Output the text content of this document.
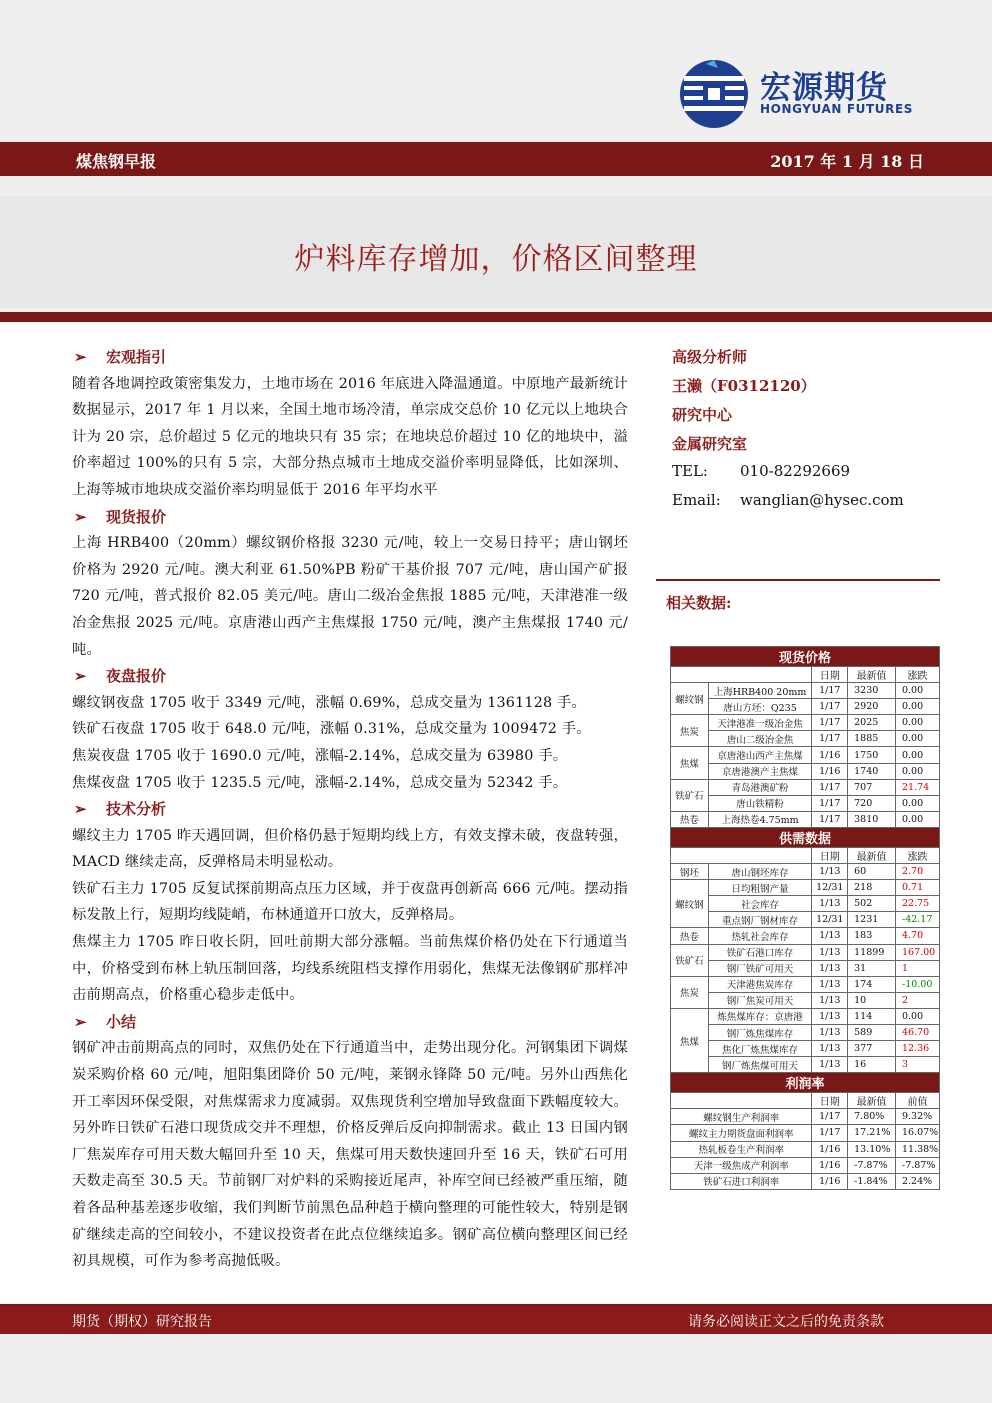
宏源期货
HONGYUAN FUTURES
煤焦钢早报	2017 年 1 月 18 日
炉料库存增加，价格区间整理
➢ 宏观指引
随着各地调控政策密集发力，土地市场在 2016 年底进入降温通道。中原地产最新统计数据显示，2017 年 1 月以来，全国土地市场冷清，单宗成交总价 10 亿元以上地块合计为 20 宗，总价超过 5 亿元的地块只有 35 宗；在地块总价超过 10 亿的地块中，溢价率超过 100%的只有 5 宗，大部分热点城市土地成交溢价率明显降低，比如深圳、上海等城市地块成交溢价率均明显低于 2016 年平均水平
➢ 现货报价
上海 HRB400（20mm）螺纹钢价格报 3230 元/吨，较上一交易日持平；唐山钢坯价格为 2920 元/吨。澳大利亚 61.50%PB 粉矿干基价报 707 元/吨，唐山国产矿报 720 元/吨，普式报价 82.05 美元/吨。唐山二级冶金焦报 1885 元/吨，天津港准一级冶金焦报 2025 元/吨。京唐港山西产主焦煤报 1750 元/吨，澳产主焦煤报 1740 元/吨。
➢ 夜盘报价
螺纹钢夜盘 1705 收于 3349 元/吨，涨幅 0.69%，总成交量为 1361128 手。
铁矿石夜盘 1705 收于 648.0 元/吨，涨幅 0.31%，总成交量为 1009472 手。
焦炭夜盘 1705 收于 1690.0 元/吨，涨幅-2.14%，总成交量为 63980 手。
焦煤夜盘 1705 收于 1235.5 元/吨，涨幅-2.14%，总成交量为 52342 手。
➢ 技术分析
螺纹主力 1705 昨天遇回调，但价格仍悬于短期均线上方，有效支撑未破，夜盘转强，MACD 继续走高，反弹格局未明显松动。
铁矿石主力 1705 反复试探前期高点压力区域，并于夜盘再创新高 666 元/吨。摆动指标发散上行，短期均线陡峭，布林通道开口放大，反弹格局。
焦煤主力 1705 昨日收长阴，回吐前期大部分涨幅。当前焦煤价格仍处在下行通道当中，价格受到布林上轨压制回落，均线系统阻档支撑作用弱化，焦煤无法像钢矿那样冲击前期高点，价格重心稳步走低中。
➢ 小结
钢矿冲击前期高点的同时，双焦仍处在下行通道当中，走势出现分化。河钢集团下调煤炭采购价格 60 元/吨，旭阳集团降价 50 元/吨，莱钢永锋降 50 元/吨。另外山西焦化开工率因环保受限，对焦煤需求力度减弱。双焦现货利空增加导致盘面下跌幅度较大。另外昨日铁矿石港口现货成交并不理想，价格反弹后反向抑制需求。截止 13 日国内钢厂焦炭库存可用天数大幅回升至 10 天，焦煤可用天数快速回升至 16 天，铁矿石可用天数走高至 30.5 天。节前钢厂对炉料的采购接近尾声，补库空间已经被严重压缩，随着各品种基差逐步收缩，我们判断节前黑色品种趋于横向整理的可能性较大，特别是钢矿继续走高的空间较小，不建议投资者在此点位继续追多。钢矿高位横向整理区间已经初具规模，可作为参考高抛低吸。
高级分析师
王濑（F0312120）
研究中心
金属研究室
TEL: 010-82292669
Email: wanglian@hysec.com
相关数据:
现货价格				
		日期	最新值	涨跌
螺纹钢	上海HRB400 20mm	1/17	3230	0.00
	唐山方坯：Q235	1/17	2920	0.00
焦炭	天津港准一级冶金焦	1/17	2025	0.00
	唐山二级冶金焦	1/17	1885	0.00
焦煤	京唐港山西产主焦煤	1/16	1750	0.00
	京唐港澳产主焦煤	1/16	1740	0.00
铁矿石	青岛港澳矿粉	1/17	707	21.74
	唐山铁精粉	1/17	720	0.00
热卷	上海热卷4.75mm	1/17	3810	0.00
供需数据				
		日期	最新值	涨跌
钢坯	唐山钢坯库存	1/13	60	2.70
螺纹钢	日均粗钢产量	12/31	218	0.71
	社会库存	1/13	502	22.75
	重点钢厂钢材库存	12/31	1231	-42.17
热卷	热轧社会库存	1/13	183	4.70
铁矿石	铁矿石港口库存	1/13	11899	167.00
	钢厂铁矿可用天	1/13	31	1
焦炭	天津港焦炭库存	1/13	174	-10.00
	钢厂焦炭可用天	1/13	10	2
焦煤	炼焦煤库存：京唐港	1/13	114	0.00
	钢厂炼焦煤库存	1/13	589	46.70
	焦化厂炼焦煤库存	1/13	377	12.36
	钢厂炼焦煤可用天	1/13	16	3
利润率				
		日期	最新值	前值
螺纹钢生产利润率		1/17	7.80%	9.32%
螺纹主力期货盘面利润率		1/17	17.21%	16.07%
热轧板卷生产利润率		1/16	13.10%	11.38%
天津一级焦成产利润率		1/16	-7.87%	-7.87%
铁矿石进口利润率		1/16	-1.84%	2.24%
期货（期权）研究报告	请务必阅读正文之后的免责条款
